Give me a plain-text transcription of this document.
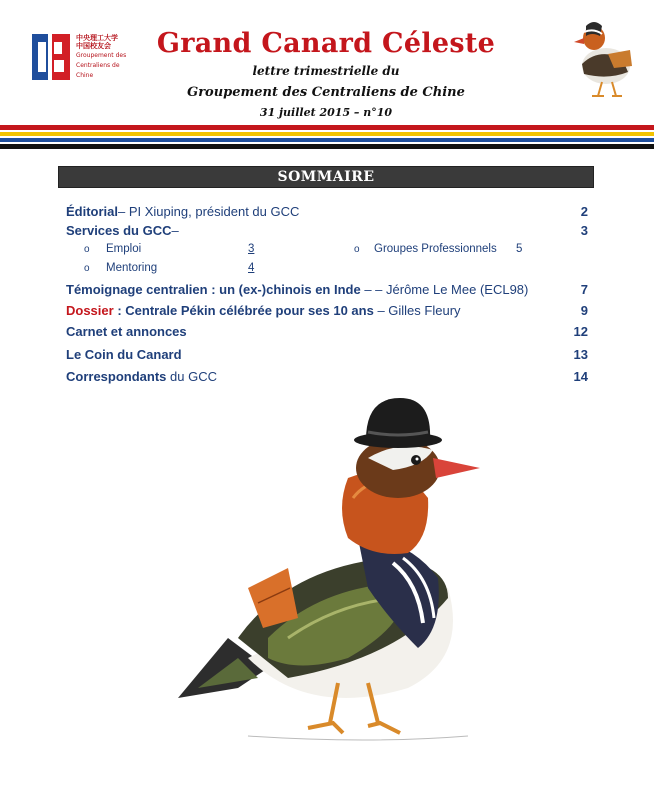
中央理工大学
中国校友会
Groupement des
Centraliens de
Chine
Grand Canard Céleste
lettre trimestrielle du
Groupement des Centraliens de Chine
31 juillet 2015 – n°10
SOMMAIRE
Éditorial– PI Xiuping, président du GCC	2
Services du GCC–	3
o Emploi	3	o Groupes Professionnels 5
o Mentoring	4
Témoignage centralien : un (ex-)chinois en Inde – – Jérôme Le Mee (ECL98)	7
Dossier : Centrale Pékin célébrée pour ses 10 ans – Gilles Fleury	9
Carnet et annonces	12
Le Coin du Canard	13
Correspondants du GCC	14
